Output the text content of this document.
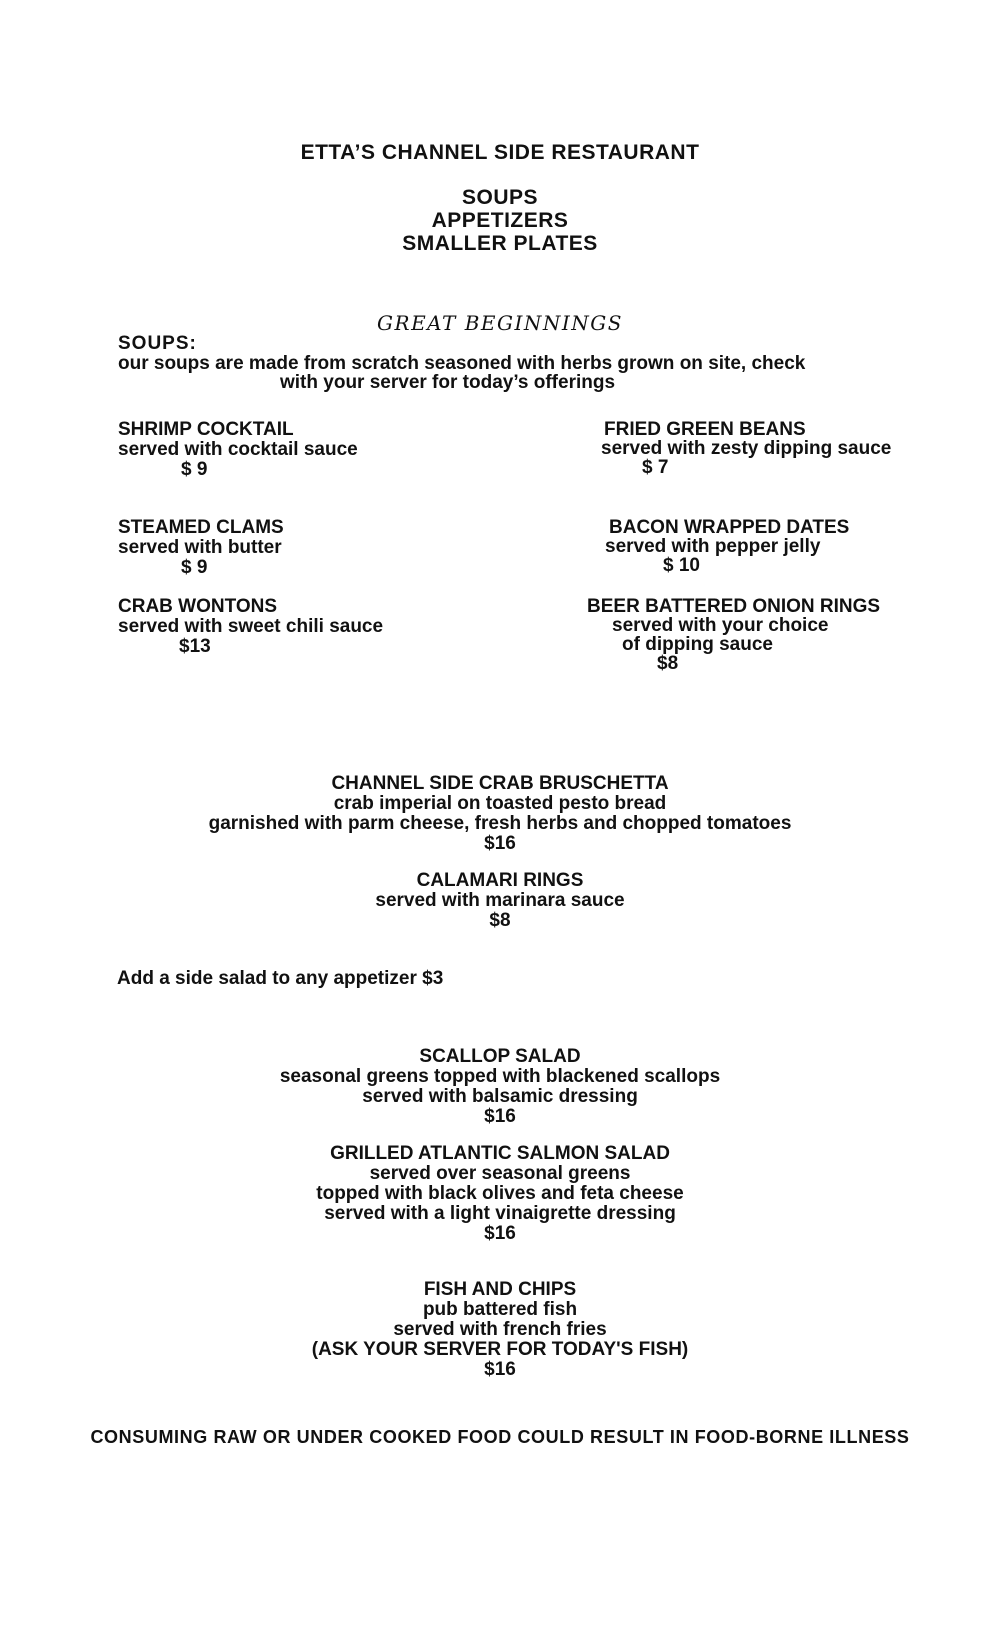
ETTA’S CHANNEL SIDE RESTAURANT
SOUPS
APPETIZERS
SMALLER PLATES
GREAT BEGINNINGS
SOUPS:
our soups are made from scratch seasoned with herbs grown on site, check
with your server for today’s offerings
SHRIMP COCKTAIL
served with cocktail sauce
$ 9
STEAMED CLAMS
served with butter
$ 9
CRAB WONTONS
served with sweet chili sauce
$13
FRIED GREEN BEANS
served with zesty dipping sauce
$ 7
BACON WRAPPED DATES
served with pepper jelly
$ 10
BEER BATTERED ONION RINGS
served with your choice
of dipping sauce
$8
CHANNEL SIDE CRAB BRUSCHETTA
crab imperial on toasted pesto bread
garnished with parm cheese, fresh herbs and chopped tomatoes
$16
CALAMARI RINGS
served with marinara sauce
$8
Add a side salad to any appetizer $3
SCALLOP SALAD
seasonal greens topped with blackened scallops
served with balsamic dressing
$16
GRILLED ATLANTIC SALMON SALAD
served over seasonal greens
topped with black olives and feta cheese
served with a light vinaigrette dressing
$16
FISH AND CHIPS
pub battered fish
served with french fries
(ASK YOUR SERVER FOR TODAY'S FISH)
$16
CONSUMING RAW OR UNDER COOKED FOOD COULD RESULT IN FOOD-BORNE ILLNESS
